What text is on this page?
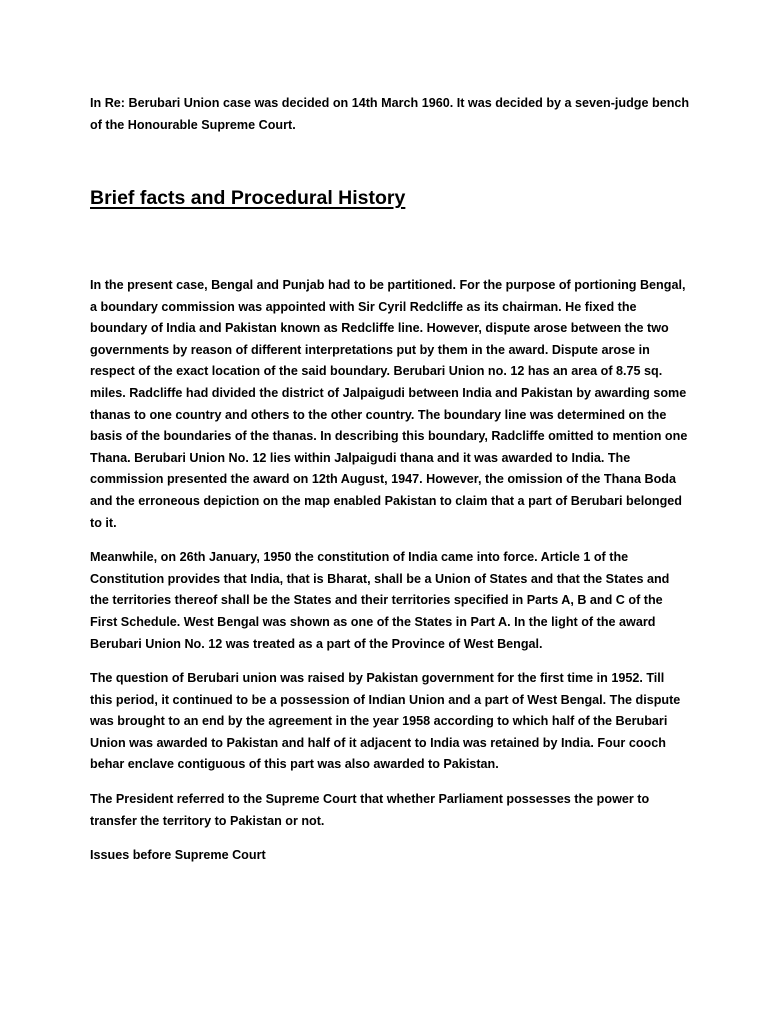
In Re: Berubari Union case was decided on 14th March 1960. It was decided by a seven-judge bench of the Honourable Supreme Court.

Brief facts and Procedural History

In the present case, Bengal and Punjab had to be partitioned. For the purpose of portioning Bengal, a boundary commission was appointed with Sir Cyril Redcliffe as its chairman. He fixed the boundary of India and Pakistan known as Redcliffe line. However, dispute arose between the two governments by reason of different interpretations put by them in the award. Dispute arose in respect of the exact location of the said boundary. Berubari Union no. 12 has an area of 8.75 sq. miles. Radcliffe had divided the district of Jalpaigudi between India and Pakistan by awarding some thanas to one country and others to the other country. The boundary line was determined on the basis of the boundaries of the thanas. In describing this boundary, Radcliffe omitted to mention one Thana. Berubari Union No. 12 lies within Jalpaigudi thana and it was awarded to India. The commission presented the award on 12th August, 1947. However, the omission of the Thana Boda and the erroneous depiction on the map enabled Pakistan to claim that a part of Berubari belonged to it.

Meanwhile, on 26th January, 1950 the constitution of India came into force. Article 1 of the Constitution provides that India, that is Bharat, shall be a Union of States and that the States and the territories thereof shall be the States and their territories specified in Parts A, B and C of the First Schedule. West Bengal was shown as one of the States in Part A. In the light of the award Berubari Union No. 12 was treated as a part of the Province of West Bengal.

The question of Berubari union was raised by Pakistan government for the first time in 1952. Till this period, it continued to be a possession of Indian Union and a part of West Bengal. The dispute was brought to an end by the agreement in the year 1958 according to which half of the Berubari Union was awarded to Pakistan and half of it adjacent to India was retained by India. Four cooch behar enclave contiguous of this part was also awarded to Pakistan.

The President referred to the Supreme Court that whether Parliament possesses the power to transfer the territory to Pakistan or not.

Issues before Supreme Court
